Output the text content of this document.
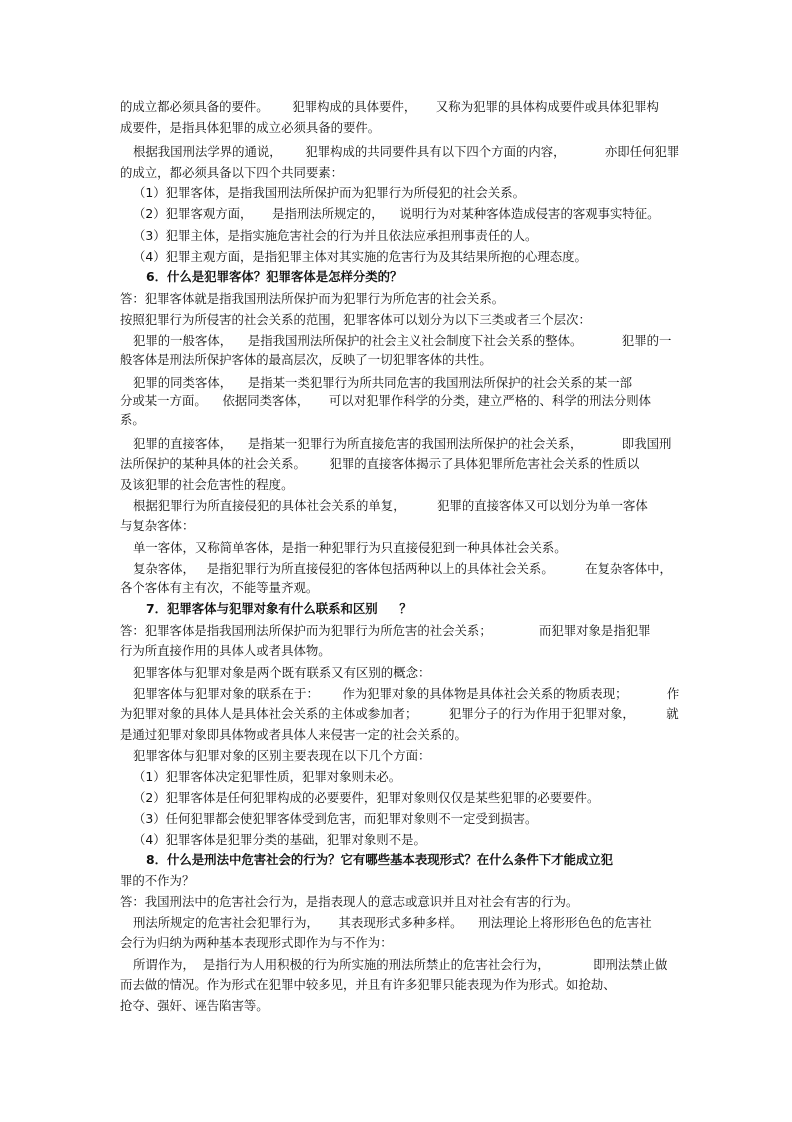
的成立都必须具备的要件。      犯罪构成的具体要件，     又称为犯罪的具体构成要件或具体犯罪构
成要件，是指具体犯罪的成立必须具备的要件。
根据我国刑法学界的通说，      犯罪构成的共同要件具有以下四个方面的内容，          亦即任何犯罪
的成立，都必须具备以下四个共同要素：
（1）犯罪客体，是指我国刑法所保护而为犯罪行为所侵犯的社会关系。
（2）犯罪客观方面，     是指刑法所规定的，    说明行为对某种客体造成侵害的客观事实特征。
（3）犯罪主体，是指实施危害社会的行为并且依法应承担刑事责任的人。
（4）犯罪主观方面，是指犯罪主体对其实施的危害行为及其结果所抱的心理态度。
6．什么是犯罪客体？犯罪客体是怎样分类的？
答：犯罪客体就是指我国刑法所保护而为犯罪行为所危害的社会关系。
按照犯罪行为所侵害的社会关系的范围，犯罪客体可以划分为以下三类或者三个层次：
犯罪的一般客体，    是指我国刑法所保护的社会主义社会制度下社会关系的整体。          犯罪的一
般客体是刑法所保护客体的最高层次，反映了一切犯罪客体的共性。
犯罪的同类客体，    是指某一类犯罪行为所共同危害的我国刑法所保护的社会关系的某一部
分或某一方面。    依据同类客体，     可以对犯罪作科学的分类，建立严格的、科学的刑法分则体
系。
犯罪的直接客体，    是指某一犯罪行为所直接危害的我国刑法所保护的社会关系，          即我国刑
法所保护的某种具体的社会关系。      犯罪的直接客体揭示了具体犯罪所危害社会关系的性质以
及该犯罪的社会危害性的程度。
根据犯罪行为所直接侵犯的具体社会关系的单复，        犯罪的直接客体又可以划分为单一客体
与复杂客体：
单一客体，又称简单客体，是指一种犯罪行为只直接侵犯到一种具体社会关系。
复杂客体，   是指犯罪行为所直接侵犯的客体包括两种以上的具体社会关系。        在复杂客体中，
各个客体有主有次，不能等量齐观。
7．犯罪客体与犯罪对象有什么联系和区别     ？
答：犯罪客体是指我国刑法所保护而为犯罪行为所危害的社会关系；            而犯罪对象是指犯罪
行为所直接作用的具体人或者具体物。
犯罪客体与犯罪对象是两个既有联系又有区别的概念：
犯罪客体与犯罪对象的联系在于：      作为犯罪对象的具体物是具体社会关系的物质表现；          作
为犯罪对象的具体人是具体社会关系的主体或参加者；        犯罪分子的行为作用于犯罪对象，        就
是通过犯罪对象即具体物或者具体人来侵害一定的社会关系的。
犯罪客体与犯罪对象的区别主要表现在以下几个方面：
（1）犯罪客体决定犯罪性质，犯罪对象则未必。
（2）犯罪客体是任何犯罪构成的必要要件，犯罪对象则仅仅是某些犯罪的必要要件。
（3）任何犯罪都会使犯罪客体受到危害，而犯罪对象则不一定受到损害。
（4）犯罪客体是犯罪分类的基础，犯罪对象则不是。
8．什么是刑法中危害社会的行为？它有哪些基本表现形式？在什么条件下才能成立犯
罪的不作为？
答：我国刑法中的危害社会行为，是指表现人的意志或意识并且对社会有害的行为。
刑法所规定的危害社会犯罪行为，     其表现形式多种多样。    刑法理论上将形形色色的危害社
会行为归纳为两种基本表现形式即作为与不作为：
所谓作为，  是指行为人用积极的行为所实施的刑法所禁止的危害社会行为，           即刑法禁止做
而去做的情况。作为形式在犯罪中较多见，并且有许多犯罪只能表现为作为形式。如抢劫、
抢夺、强奸、诬告陷害等。
